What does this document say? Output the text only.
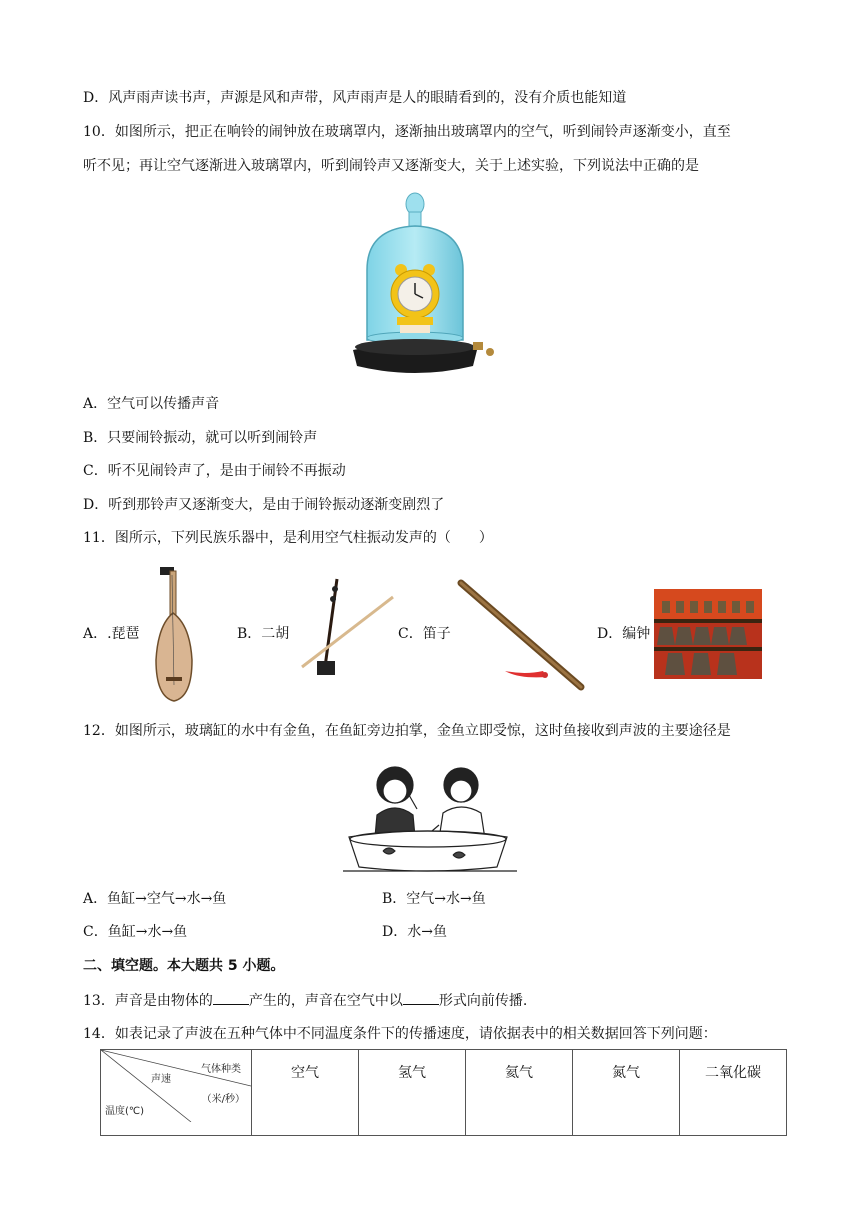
D．风声雨声读书声，声源是风和声带，风声雨声是人的眼睛看到的，没有介质也能知道
10．如图所示，把正在响铃的闹钟放在玻璃罩内，逐渐抽出玻璃罩内的空气，听到闹铃声逐渐变小，直至
听不见；再让空气逐渐进入玻璃罩内，听到闹铃声又逐渐变大，关于上述实验，下列说法中正确的是
A．空气可以传播声音
B．只要闹铃振动，就可以听到闹铃声
C．听不见闹铃声了，是由于闹铃不再振动
D．听到那铃声又逐渐变大，是由于闹铃振动逐渐变剧烈了
11．图所示，下列民族乐器中，是利用空气柱振动发声的（　　）
A．.琵琶	B．二胡	C．笛子	D．编钟
12．如图所示，玻璃缸的水中有金鱼，在鱼缸旁边拍掌，金鱼立即受惊，这时鱼接收到声波的主要途径是
A．鱼缸→空气→水→鱼	B．空气→水→鱼
C．鱼缸→水→鱼	D．水→鱼
二、填空题。本大题共 5 小题。
13．声音是由物体的	产生的，声音在空气中以	形式向前传播.
14．如表记录了声波在五种气体中不同温度条件下的传播速度，请依据表中的相关数据回答下列问题：
气体种类
声速
（米/秒）
温度(℃)
	空气	氢气	氦气	氮气	二氧化碳
